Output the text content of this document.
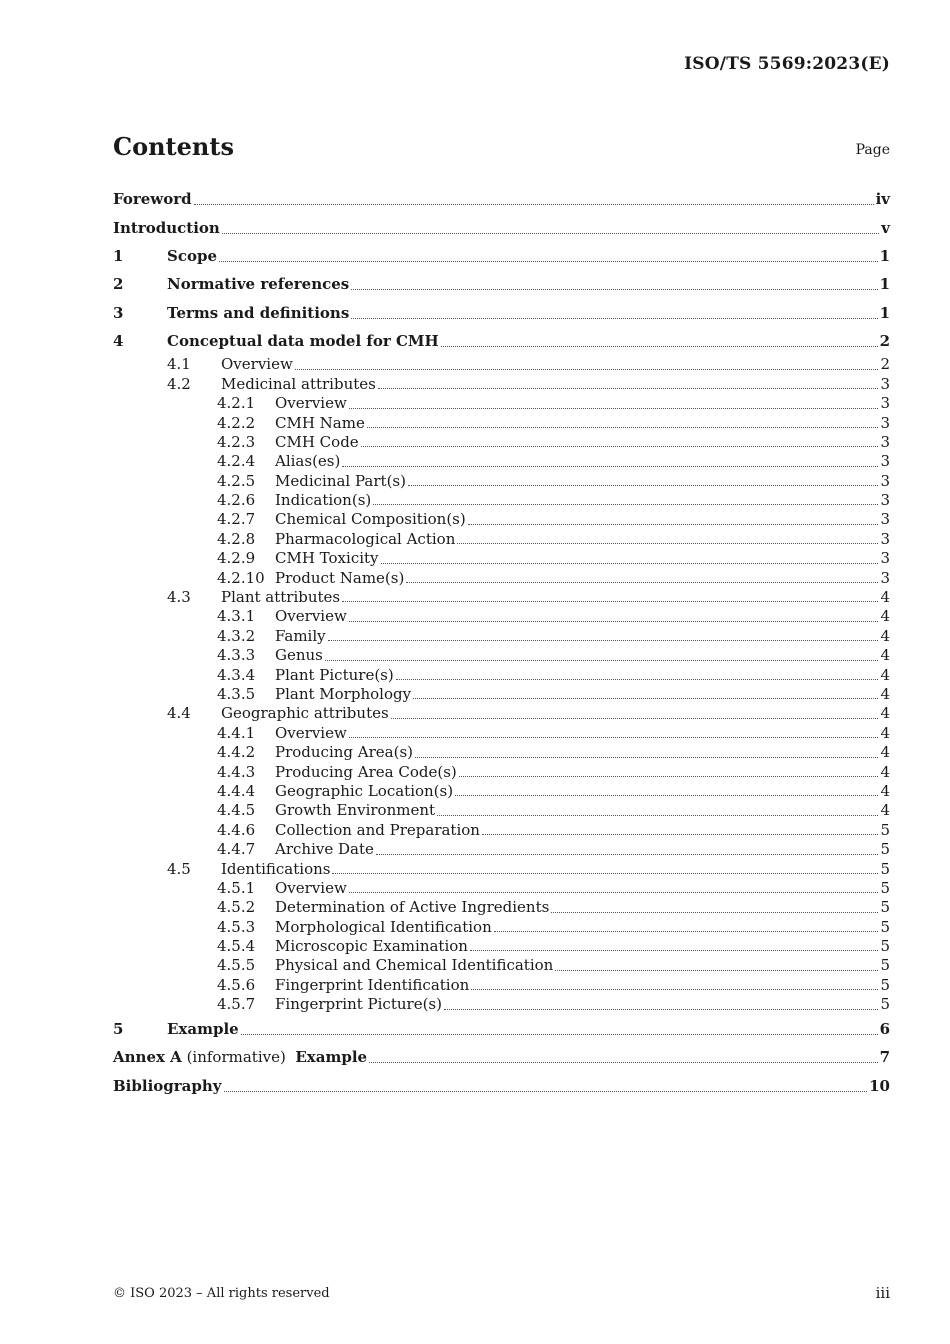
ISO/TS 5569:2023(E)
Contents	Page
Foreword	iv
Introduction	v
1	Scope	1
2	Normative references	1
3	Terms and definitions	1
4	Conceptual data model for CMH	2
4.1	Overview	2
4.2	Medicinal attributes	3
4.2.1	Overview	3
4.2.2	CMH Name	3
4.2.3	CMH Code	3
4.2.4	Alias(es)	3
4.2.5	Medicinal Part(s)	3
4.2.6	Indication(s)	3
4.2.7	Chemical Composition(s)	3
4.2.8	Pharmacological Action	3
4.2.9	CMH Toxicity	3
4.2.10 Product Name(s)	3
4.3	Plant attributes	4
4.3.1	Overview	4
4.3.2	Family	4
4.3.3	Genus	4
4.3.4	Plant Picture(s)	4
4.3.5	Plant Morphology	4
4.4	Geographic attributes	4
4.4.1	Overview	4
4.4.2	Producing Area(s)	4
4.4.3	Producing Area Code(s)	4
4.4.4	Geographic Location(s)	4
4.4.5	Growth Environment	4
4.4.6	Collection and Preparation	5
4.4.7	Archive Date	5
4.5	Identifications	5
4.5.1	Overview	5
4.5.2	Determination of Active Ingredients	5
4.5.3	Morphological Identification	5
4.5.4	Microscopic Examination	5
4.5.5	Physical and Chemical Identification	5
4.5.6	Fingerprint Identification	5
4.5.7	Fingerprint Picture(s)	5
5	Example	6
Annex A (informative)  Example	7
Bibliography	10
© ISO 2023 – All rights reserved	iii
